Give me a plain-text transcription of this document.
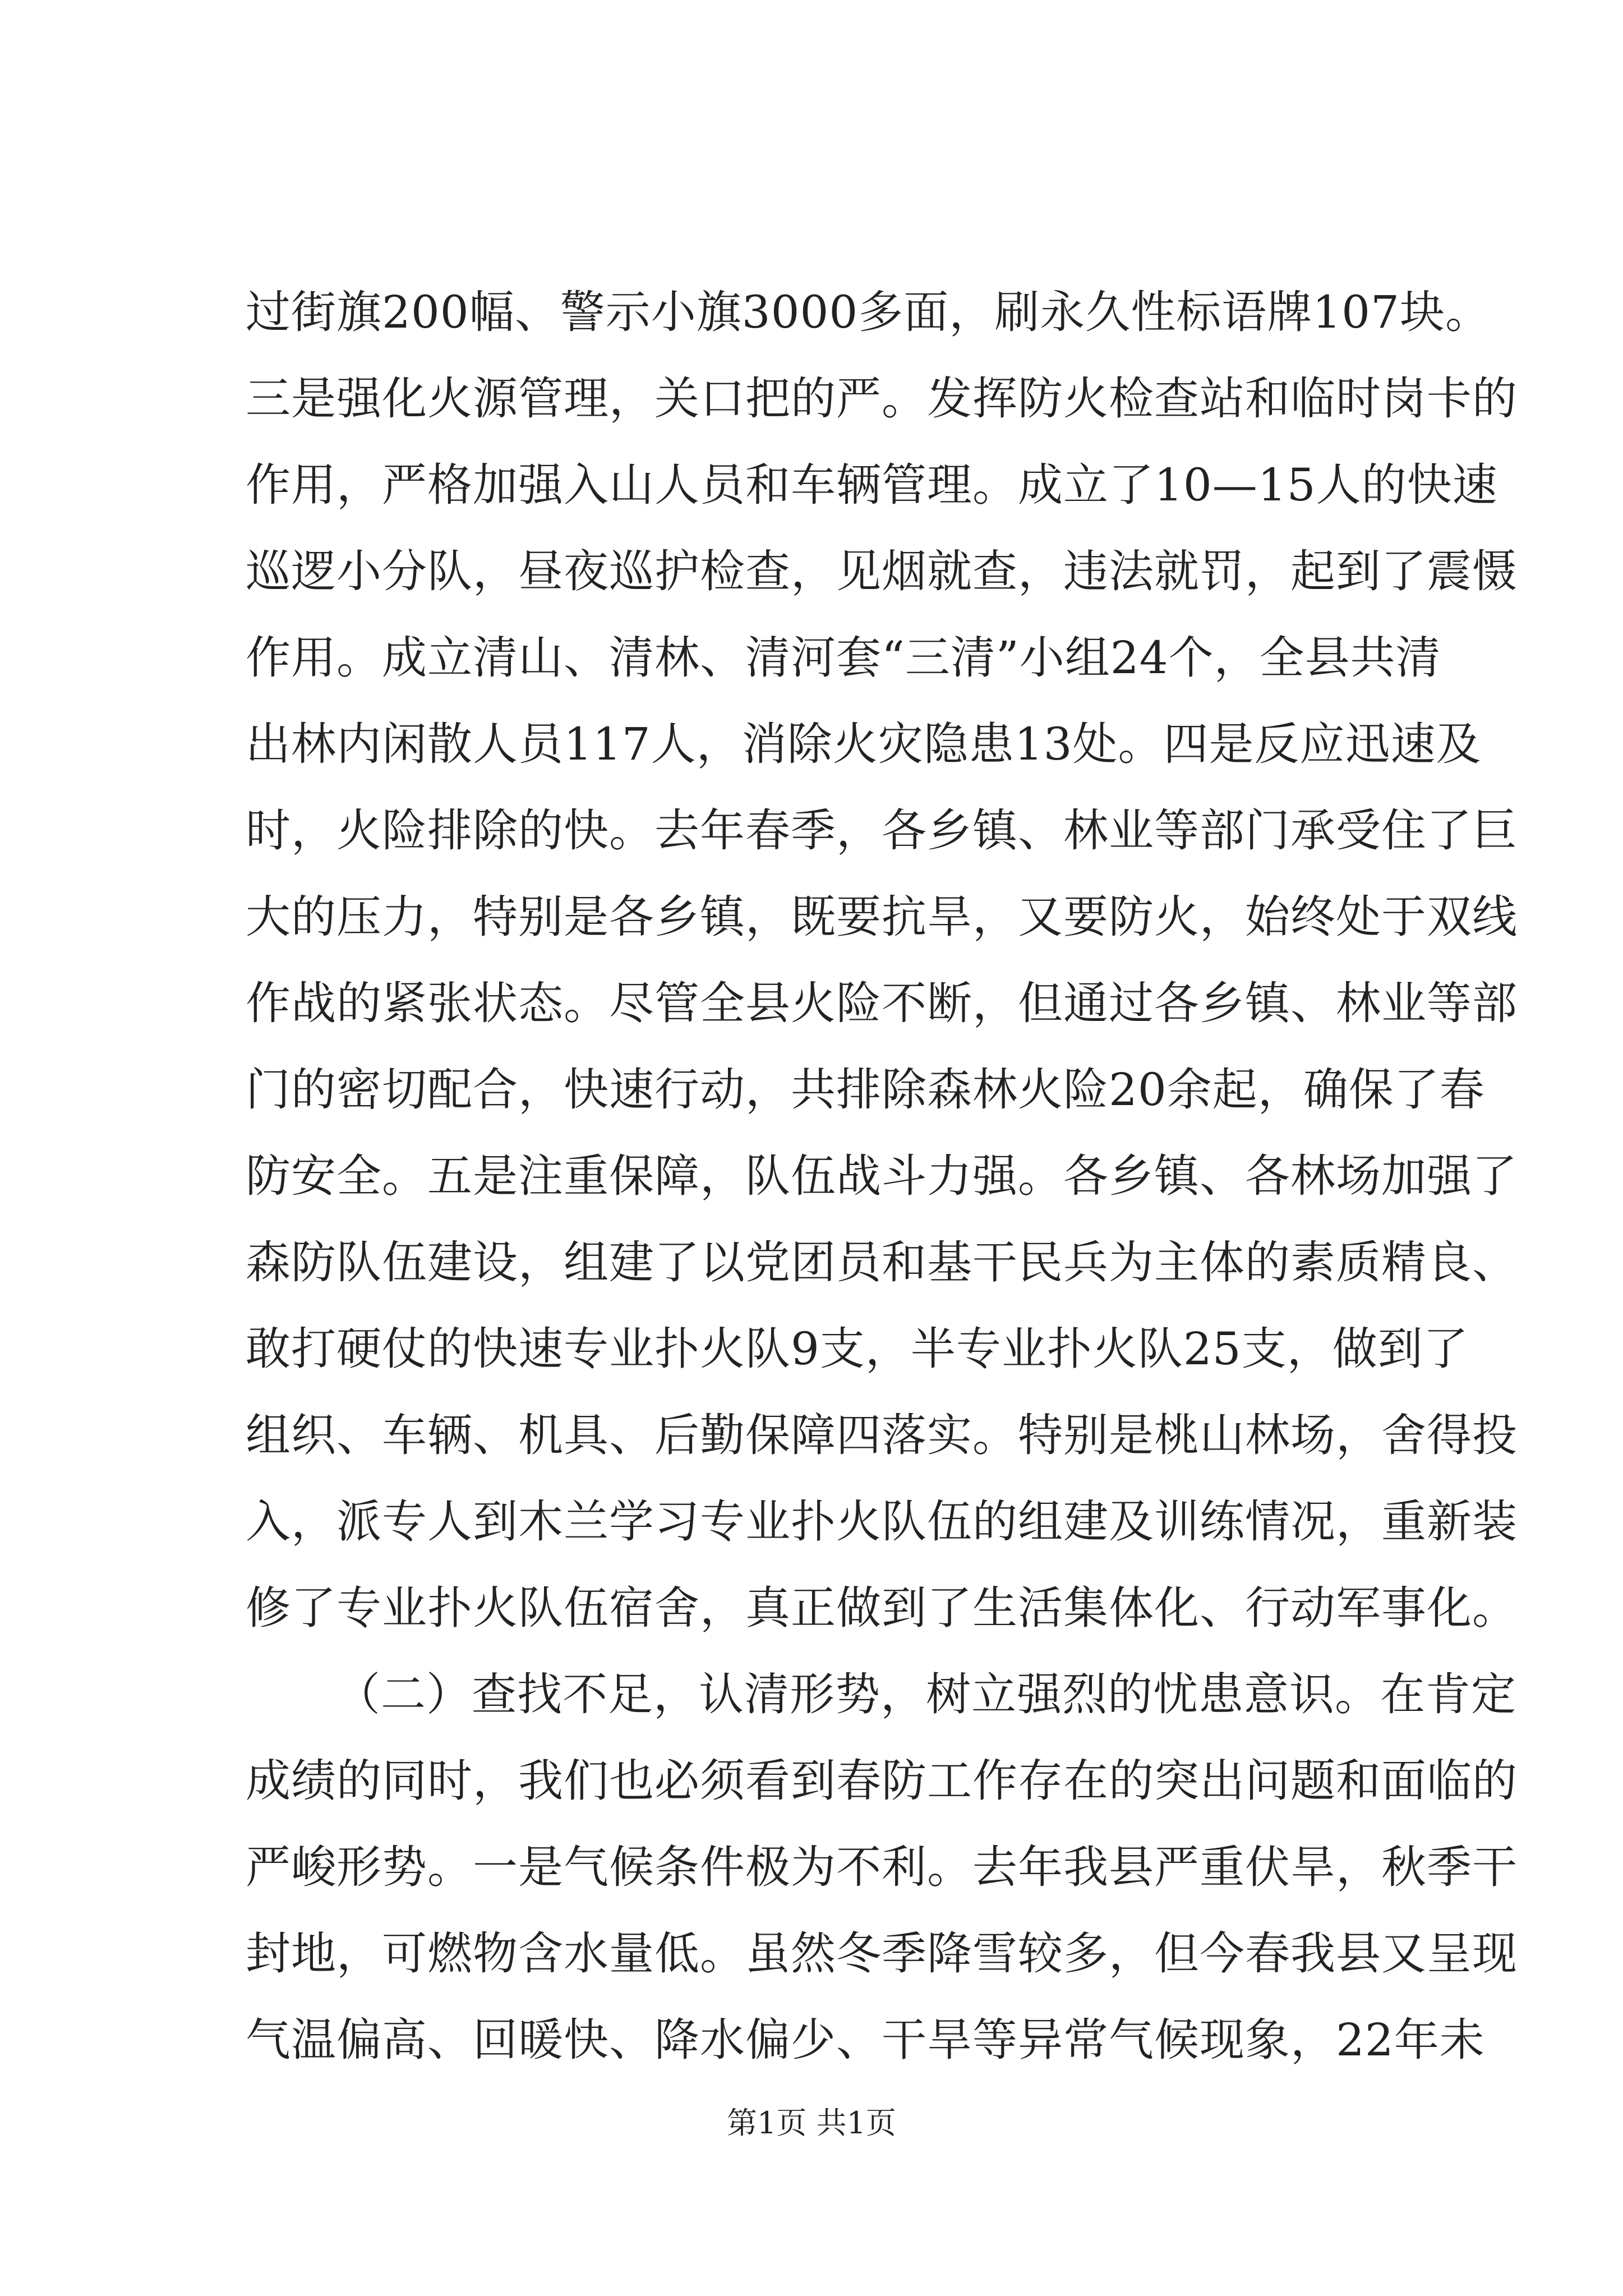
过街旗200幅、警示小旗3000多面，刷永久性标语牌107块。
三是强化火源管理，关口把的严。发挥防火检查站和临时岗卡的
作用，严格加强入山人员和车辆管理。成立了10—15人的快速
巡逻小分队，昼夜巡护检查，见烟就查，违法就罚，起到了震慑
作用。成立清山、清林、清河套“三清”小组24个，全县共清
出林内闲散人员117人，消除火灾隐患13处。四是反应迅速及
时，火险排除的快。去年春季，各乡镇、林业等部门承受住了巨
大的压力，特别是各乡镇，既要抗旱，又要防火，始终处于双线
作战的紧张状态。尽管全县火险不断，但通过各乡镇、林业等部
门的密切配合，快速行动，共排除森林火险20余起，确保了春
防安全。五是注重保障，队伍战斗力强。各乡镇、各林场加强了
森防队伍建设，组建了以党团员和基干民兵为主体的素质精良、
敢打硬仗的快速专业扑火队9支，半专业扑火队25支，做到了
组织、车辆、机具、后勤保障四落实。特别是桃山林场，舍得投
入，派专人到木兰学习专业扑火队伍的组建及训练情况，重新装
修了专业扑火队伍宿舍，真正做到了生活集体化、行动军事化。
（二）查找不足，认清形势，树立强烈的忧患意识。在肯定
成绩的同时，我们也必须看到春防工作存在的突出问题和面临的
严峻形势。一是气候条件极为不利。去年我县严重伏旱，秋季干
封地，可燃物含水量低。虽然冬季降雪较多，但今春我县又呈现
气温偏高、回暖快、降水偏少、干旱等异常气候现象，22年未
第1页 共1页
